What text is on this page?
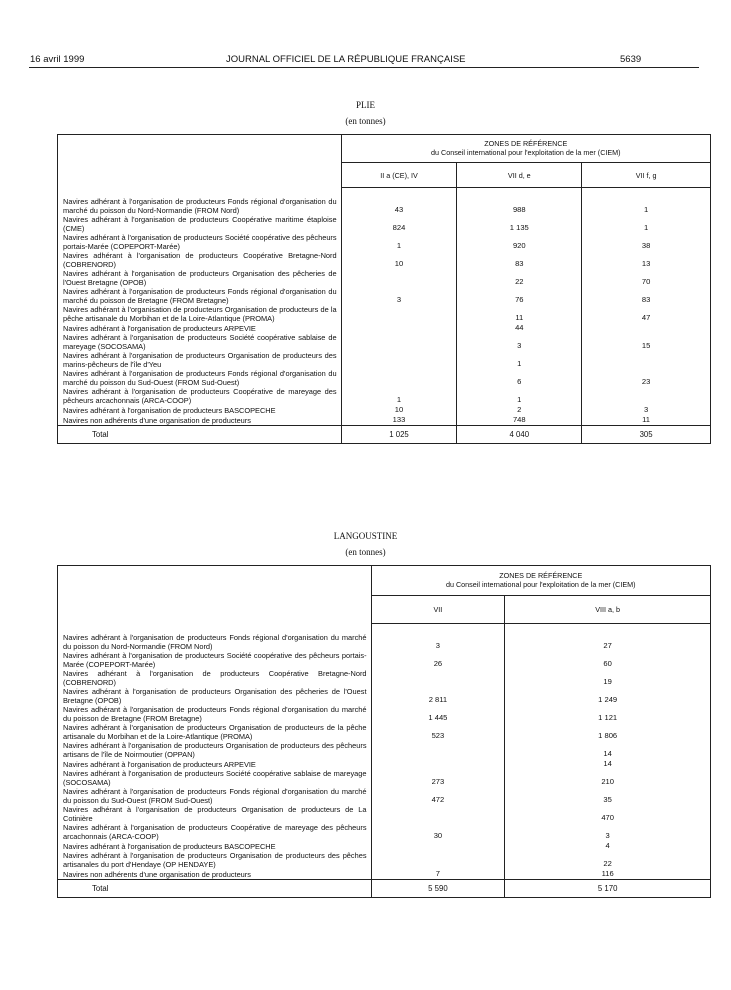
16 avril 1999	JOURNAL OFFICIEL DE LA RÉPUBLIQUE FRANÇAISE	5639
PLIE
(en tonnes)

	ZONES DE RÉFÉRENCE
du Conseil international pour l'exploitation de la mer (CIEM)		

	II a (CE), IV	VII d, e	VII f, g

Navires adhérant à l'organisation de producteurs Fonds régional d'organisation du marché du poisson du Nord-Normandie (FROM Nord)	43	988	1
Navires adhérant à l'organisation de producteurs Coopérative maritime étaploise (CME)	824	1 135	1
Navires adhérant à l'organisation de producteurs Société coopérative des pêcheurs portais-Marée (COPEPORT-Marée)	1	920	38
Navires adhérant à l'organisation de producteurs Coopérative Bretagne-Nord (COBRENORD)	10	83	13
Navires adhérant à l'organisation de producteurs Organisation des pêcheries de l'Ouest Bretagne (OPOB)		22	70
Navires adhérant à l'organisation de producteurs Fonds régional d'organisation du marché du poisson de Bretagne (FROM Bretagne)	3	76	83
Navires adhérant à l'organisation de producteurs Organisation de producteurs de la pêche artisanale du Morbihan et de la Loire-Atlantique (PROMA)		11	47
Navires adhérant à l'organisation de producteurs ARPEVIE		44	
Navires adhérant à l'organisation de producteurs Société coopérative sablaise de mareyage (SOCOSAMA)		3	15
Navires adhérant à l'organisation de producteurs Organisation de producteurs des marins-pêcheurs de l'île d'Yeu		1	
Navires adhérant à l'organisation de producteurs Fonds régional d'organisation du marché du poisson du Sud-Ouest (FROM Sud-Ouest)		6	23
Navires adhérant à l'organisation de producteurs Coopérative de mareyage des pêcheurs arcachonnais (ARCA-COOP)	1	1	
Navires adhérant à l'organisation de producteurs BASCOPECHE	10	2	3
Navires non adhérents d'une organisation de producteurs	133	748	11
Total	1 025	4 040	305
LANGOUSTINE
(en tonnes)

	ZONES DE RÉFÉRENCE
du Conseil international pour l'exploitation de la mer (CIEM)	

	VII	VIII a, b

Navires adhérant à l'organisation de producteurs Fonds régional d'organisation du marché du poisson du Nord-Normandie (FROM Nord)	3	27
Navires adhérant à l'organisation de producteurs Société coopérative des pêcheurs portais-Marée (COPEPORT-Marée)	26	60
Navires adhérant à l'organisation de producteurs Coopérative Bretagne-Nord (COBRENORD)		19
Navires adhérant à l'organisation de producteurs Organisation des pêcheries de l'Ouest Bretagne (OPOB)	2 811	1 249
Navires adhérant à l'organisation de producteurs Fonds régional d'organisation du marché du poisson de Bretagne (FROM Bretagne)	1 445	1 121
Navires adhérant à l'organisation de producteurs Organisation de producteurs de la pêche artisanale du Morbihan et de la Loire-Atlantique (PROMA)	523	1 806
Navires adhérant à l'organisation de producteurs Organisation de producteurs des pêcheurs artisans de l'île de Noirmoutier (OPPAN)		14
Navires adhérant à l'organisation de producteurs ARPEVIE		14
Navires adhérant à l'organisation de producteurs Société coopérative sablaise de mareyage (SOCOSAMA)	273	210
Navires adhérant à l'organisation de producteurs Fonds régional d'organisation du marché du poisson du Sud-Ouest (FROM Sud-Ouest)	472	35
Navires adhérant à l'organisation de producteurs Organisation de producteurs de La Cotinière		470
Navires adhérant à l'organisation de producteurs Coopérative de mareyage des pêcheurs arcachonnais (ARCA-COOP)	30	3
Navires adhérant à l'organisation de producteurs BASCOPECHE		4
Navires adhérant à l'organisation de producteurs Organisation de producteurs des pêches artisanales du port d'Hendaye (OP HENDAYE)		22
Navires non adhérents d'une organisation de producteurs	7	116
Total	5 590	5 170
